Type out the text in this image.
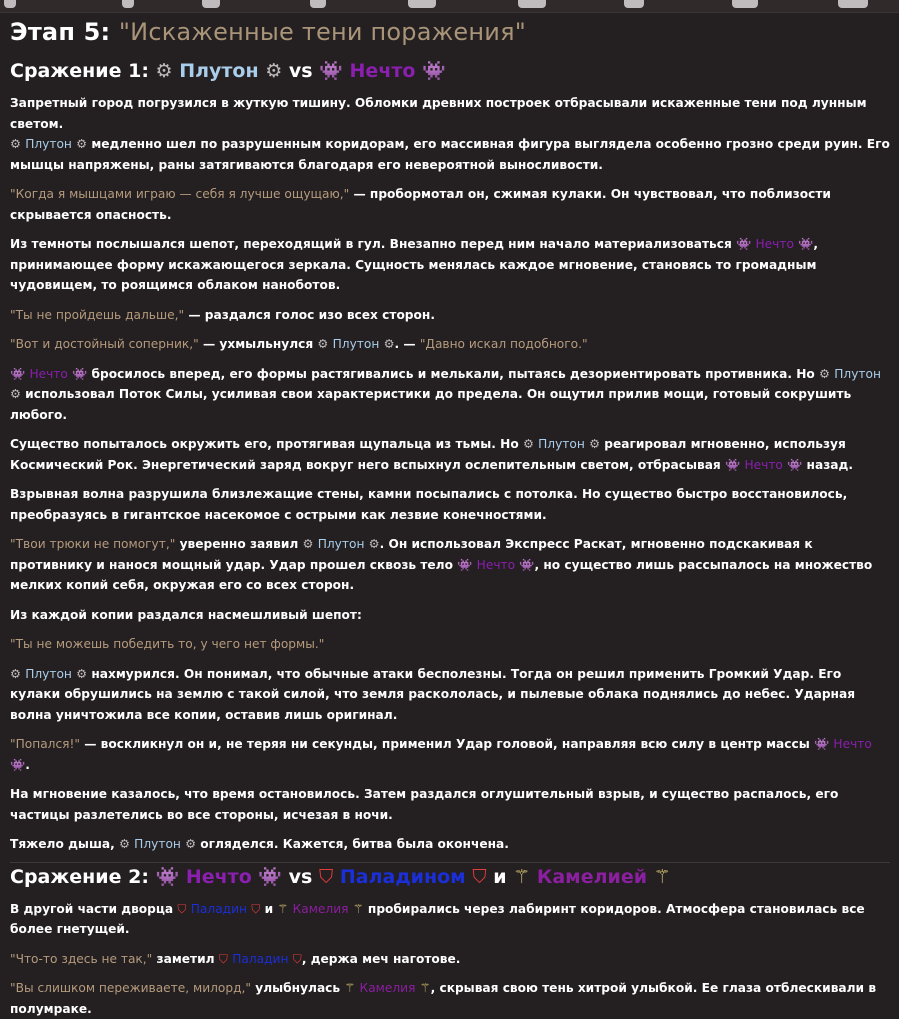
Этап 5: "Искаженные тени поражения"
Сражение 1: ⚙ Плутон ⚙ vs 👾 Нечто 👾

Запретный город погрузился в жуткую тишину. Обломки древних построек отбрасывали искаженные тени под лунным светом.
⚙ Плутон ⚙ медленно шел по разрушенным коридорам, его массивная фигура выглядела особенно грозно среди руин. Его мышцы напряжены, раны затягиваются благодаря его невероятной выносливости.

"Когда я мышцами играю — себя я лучше ощущаю," — пробормотал он, сжимая кулаки. Он чувствовал, что поблизости скрывается опасность.

Из темноты послышался шепот, переходящий в гул. Внезапно перед ним начало материализоваться 👾 Нечто 👾, принимающее форму искажающегося зеркала. Сущность менялась каждое мгновение, становясь то громадным чудовищем, то роящимся облаком наноботов.

"Ты не пройдешь дальше," — раздался голос изо всех сторон.

"Вот и достойный соперник," — ухмыльнулся ⚙ Плутон ⚙. — "Давно искал подобного."

👾 Нечто 👾 бросилось вперед, его формы растягивались и мелькали, пытаясь дезориентировать противника. Но ⚙ Плутон
⚙ использовал Поток Силы, усиливая свои характеристики до предела. Он ощутил прилив мощи, готовый сокрушить любого.

Существо попыталось окружить его, протягивая щупальца из тьмы. Но ⚙ Плутон ⚙ реагировал мгновенно, используя Космический Рок. Энергетический заряд вокруг него вспыхнул ослепительным светом, отбрасывая 👾 Нечто 👾 назад.

Взрывная волна разрушила близлежащие стены, камни посыпались с потолка. Но существо быстро восстановилось, преобразуясь в гигантское насекомое с острыми как лезвие конечностями.

"Твои трюки не помогут," уверенно заявил ⚙ Плутон ⚙. Он использовал Экспресс Раскат, мгновенно подскакивая к противнику и нанося мощный удар. Удар прошел сквозь тело 👾 Нечто 👾, но существо лишь рассыпалось на множество мелких копий себя, окружая его со всех сторон.

Из каждой копии раздался насмешливый шепот:

"Ты не можешь победить то, у чего нет формы."

⚙ Плутон ⚙ нахмурился. Он понимал, что обычные атаки бесполезны. Тогда он решил применить Громкий Удар. Его кулаки обрушились на землю с такой силой, что земля раскололась, и пылевые облака поднялись до небес. Ударная волна уничтожила все копии, оставив лишь оригинал.

"Попался!" — воскликнул он и, не теряя ни секунды, применил Удар головой, направляя всю силу в центр массы 👾 Нечто 👾.

На мгновение казалось, что время остановилось. Затем раздался оглушительный взрыв, и существо распалось, его частицы разлетелись во все стороны, исчезая в ночи.

Тяжело дыша, ⚙ Плутон ⚙ огляделся. Кажется, битва была окончена.

Сражение 2: 👾 Нечто 👾 vs ⛉ Паладином ⛉ и ⚚ Камелией ⚚

В другой части дворца ⛉ Паладин ⛉ и ⚚ Камелия ⚚ пробирались через лабиринт коридоров. Атмосфера становилась все более гнетущей.

"Что-то здесь не так," заметил ⛉ Паладин ⛉, держа меч наготове.

"Вы слишком переживаете, милорд," улыбнулась ⚚ Камелия ⚚, скрывая свою тень хитрой улыбкой. Ее глаза отблескивали в полумраке.
